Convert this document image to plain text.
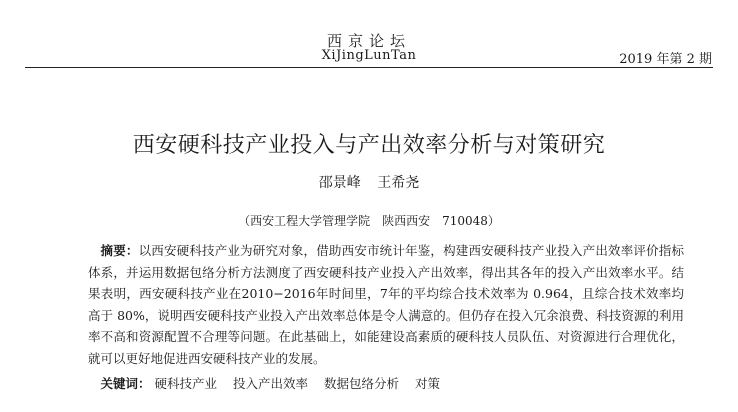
西京论坛
XiJingLunTan	2019 年第 2 期
西安硬科技产业投入与产出效率分析与对策研究
邵景峰 王希尧
（西安工程大学管理学院　陕西西安　710048）
摘要：以西安硬科技产业为研究对象，借助西安市统计年鉴，构建西安硬科技产业投入产出效率评价指标体系，并运用数据包络分析方法测度了西安硬科技产业投入产出效率，得出其各年的投入产出效率水平。结果表明，西安硬科技产业在2010−2016年时间里，7年的平均综合技术效率为 0.964，且综合技术效率均高于 80%，说明西安硬科技产业投入产出效率总体是令人满意的。但仍存在投入冗余浪费、科技资源的利用率不高和资源配置不合理等问题。在此基础上，如能建设高素质的硬科技人员队伍、对资源进行合理优化，就可以更好地促进西安硬科技产业的发展。
关键词： 硬科技产业 投入产出效率 数据包络分析 对策
